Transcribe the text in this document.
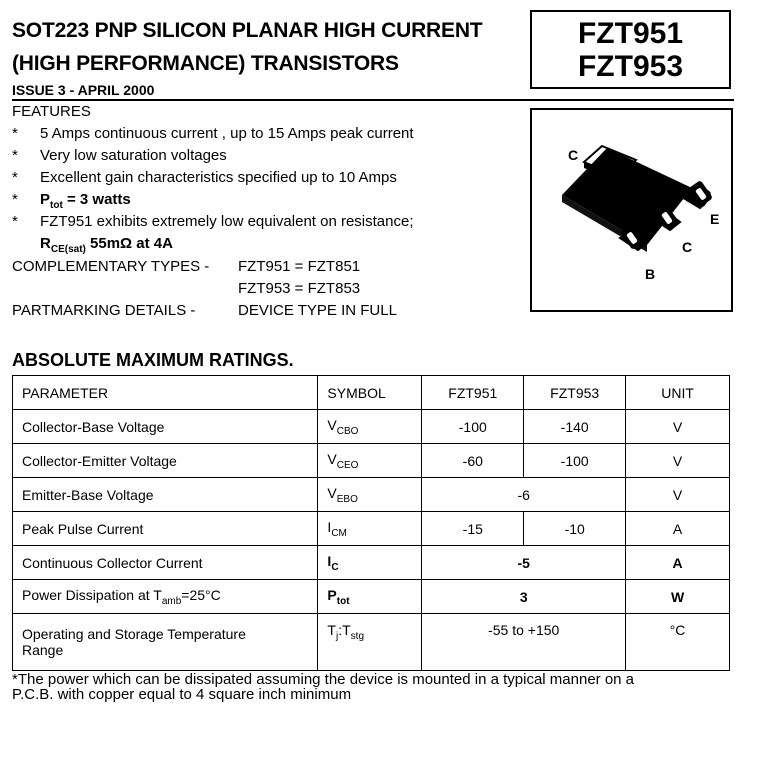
SOT223 PNP SILICON PLANAR HIGH CURRENT
(HIGH PERFORMANCE) TRANSISTORS
ISSUE 3 - APRIL 2000
FZT951
FZT953
C
E
C
B
FEATURES
* 5 Amps continuous current , up to 15 Amps peak current
* Very low saturation voltages
* Excellent gain characteristics specified up to 10 Amps
* $P_{tot} = 3$ watts
* FZT951 exhibits extremely low equivalent on resistance;
$R_{CE(sat)}$ 55mΩ at 4A
COMPLEMENTARY TYPES - FZT951 = FZT851
FZT953 = FZT853
PARTMARKING DETAILS -	DEVICE TYPE IN FULL
ABSOLUTE MAXIMUM RATINGS.
PARAMETER	SYMBOL	FZT951	FZT953	UNIT
Collector-Base Voltage	$V_{CBO}$	-100	-140	V
Collector-Emitter Voltage	$V_{CEO}$	-60	-100	V
Emitter-Base Voltage	$V_{EBO}$	-6		V
Peak Pulse Current	$I_{CM}$	-15	-10	A
Continuous Collector Current	$I_C$	-5		A
Power Dissipation at $T_{amb}=25^\circ C$	$P_{tot}$	3		W

Operating and Storage Temperature
Range	$T_j:T_{stg}$	-55 to +150		°C
*The power which can be dissipated assuming the device is mounted in a typical manner on a
P.C.B. with copper equal to 4 square inch minimum
